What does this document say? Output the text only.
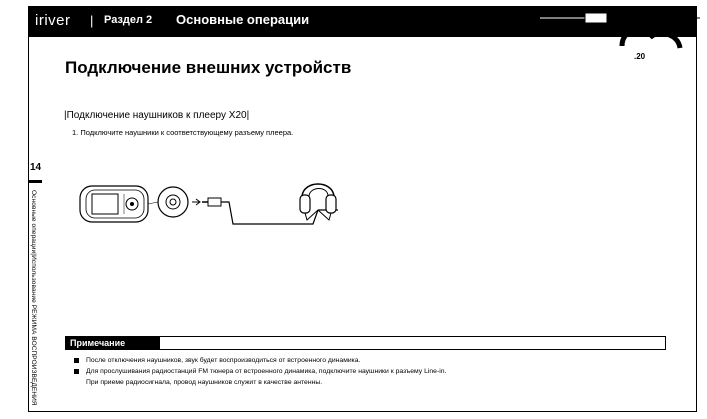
iriver | Раздел 2 Основные операции
.20
Подключение внешних устройств
|Подключение наушников к плееру X20|
1. Подключите наушники к соответствующему разъему плеера.
14
Основные операции|Использование РЕЖИМА ВОСПРОИЗВЕДЕНИЯ	Примечание
После отключения наушников, звук будет воспроизводиться от встроенного динамика.
Для прослушивания радиостанций FM тюнера от встроенного динамика, подключите наушники к разъему Line-in.
При приеме радиосигнала, провод наушников служит в качестве антенны.
